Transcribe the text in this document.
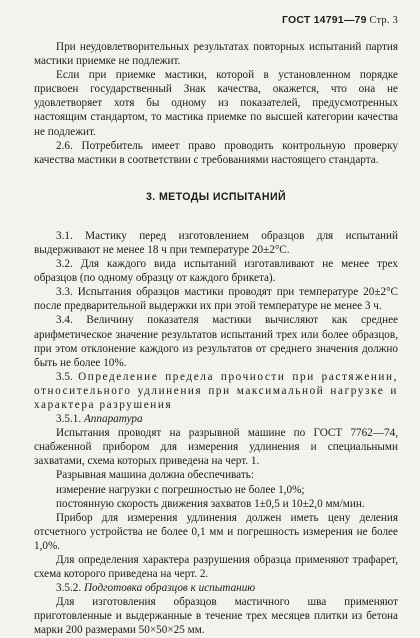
ГОСТ 14791—79 Стр. 3

При неудовлетворительных результатах повторных испытаний партия мастики приемке не подлежит.

Если при приемке мастики, которой в установленном порядке присвоен государственный Знак качества, окажется, что она не удовлетворяет хотя бы одному из показателей, предусмотренных настоящим стандартом, то мастика приемке по высшей категории качества не подлежит.

2.6. Потребитель имеет право проводить контрольную проверку качества мастики в соответствии с требованиями настоящего стандарта.

3. МЕТОДЫ ИСПЫТАНИЙ

3.1. Мастику перед изготовлением образцов для испытаний выдерживают не менее 18 ч при температуре 20±2°C.

3.2. Для каждого вида испытаний изготавливают не менее трех образцов (по одному образцу от каждого брикета).

3.3. Испытания образцов мастики проводят при температуре 20±2°C после предварительной выдержки их при этой температуре не менее 3 ч.

3.4. Величину показателя мастики вычисляют как среднее арифметическое значение результатов испытаний трех или более образцов, при этом отклонение каждого из результатов от среднего значения должно быть не более 10%.

3.5. Определение предела прочности при растяжении, относительного удлинения при максимальной нагрузке и характера разрушения

3.5.1. Аппаратура

Испытания проводят на разрывной машине по ГОСТ 7762—74, снабженной прибором для измерения удлинения и специальными захватами, схема которых приведена на черт. 1.

Разрывная машина должна обеспечивать:

измерение нагрузки с погрешностью не более 1,0%;

постоянную скорость движения захватов 1±0,5 и 10±2,0 мм/мин.

Прибор для измерения удлинения должен иметь цену деления отсчетного устройства не более 0,1 мм и погрешность измерения не более 1,0%.

Для определения характера разрушения образца применяют трафарет, схема которого приведена на черт. 2.

3.5.2. Подготовка образцов к испытанию

Для изготовления образцов мастичного шва применяют приготовленные и выдержанные в течение трех месяцев плитки из бетона марки 200 размерами 50×50×25 мм.
